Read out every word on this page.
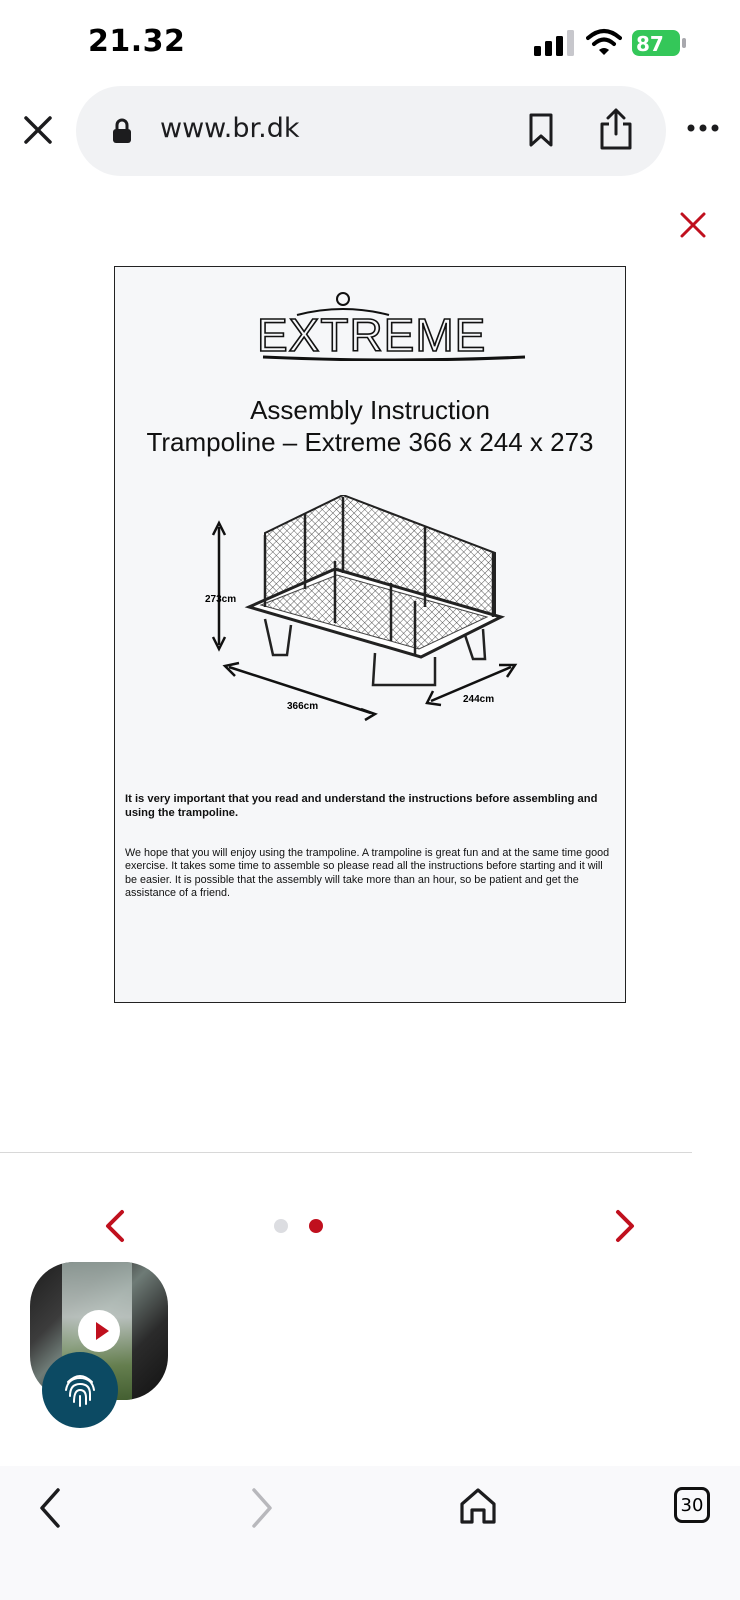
21.32	87
www.br.dk
EXTREME
Assembly Instruction
Trampoline – Extreme 366 x 244 x 273
273cm
366cm
244cm
It is very important that you read and understand the instructions before assembling and using the trampoline.
We hope that you will enjoy using the trampoline. A trampoline is great fun and at the same time good exercise. It takes some time to assemble so please read all the instructions before starting and it will be easier. It is possible that the assembly will take more than an hour, so be patient and get the assistance of a friend.
30
